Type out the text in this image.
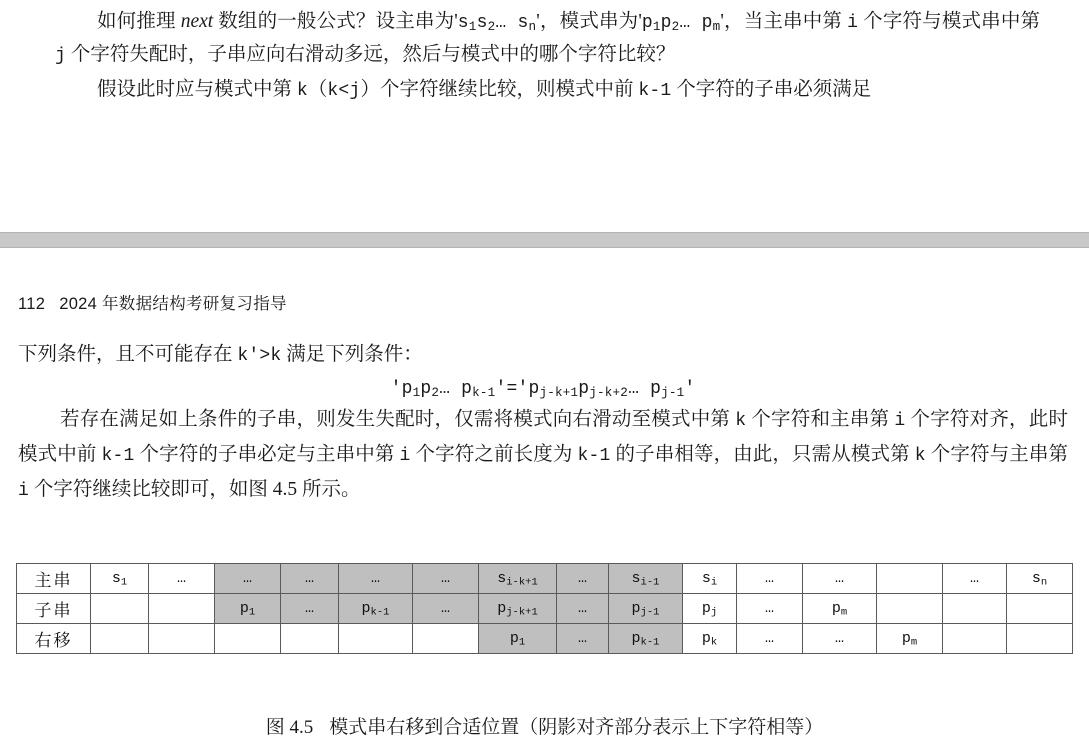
如何推理 next 数组的一般公式？设主串为'$s_1s_2\dots$ $s_n'$，模式串为'$p_1p_2\dots$ $p_m'$，当主串中第 i 个字符与模式串中第 j 个字符失配时，子串应向右滑动多远，然后与模式中的哪个字符比较？

假设此时应与模式中第 k（k<j）个字符继续比较，则模式中前 k-1 个字符的子串必须满足

112 2024 年数据结构考研复习指导

下列条件，且不可能存在 k'>k 满足下列条件：

'$p_1p_2\dots$ $p_{k-1}'='p_{j-k+1}p_{j-k+2}\dots$ $p_{j-1}'$

若存在满足如上条件的子串，则发生失配时，仅需将模式向右滑动至模式中第 k 个字符和主串第 i 个字符对齐，此时模式中前 k-1 个字符的子串必定与主串中第 i 个字符之前长度为 k-1 的子串相等，由此，只需从模式第 k 个字符与主串第 i 个字符继续比较即可，如图 4.5 所示。

主串	$s_1$	…	…	…	…	…	$s_{i-k+1}$	…	$s_{i-1}$	$s_i$	…	…		…	$s_n$
子串			$p_1$	…	$p_{k-1}$	…	$p_{j-k+1}$	…	$p_{j-1}$	$p_j$	…	$p_m$			
右移							$p_1$	…	$p_{k-1}$	$p_k$	…	…	$p_m$		
图 4.5 模式串右移到合适位置（阴影对齐部分表示上下字符相等）
